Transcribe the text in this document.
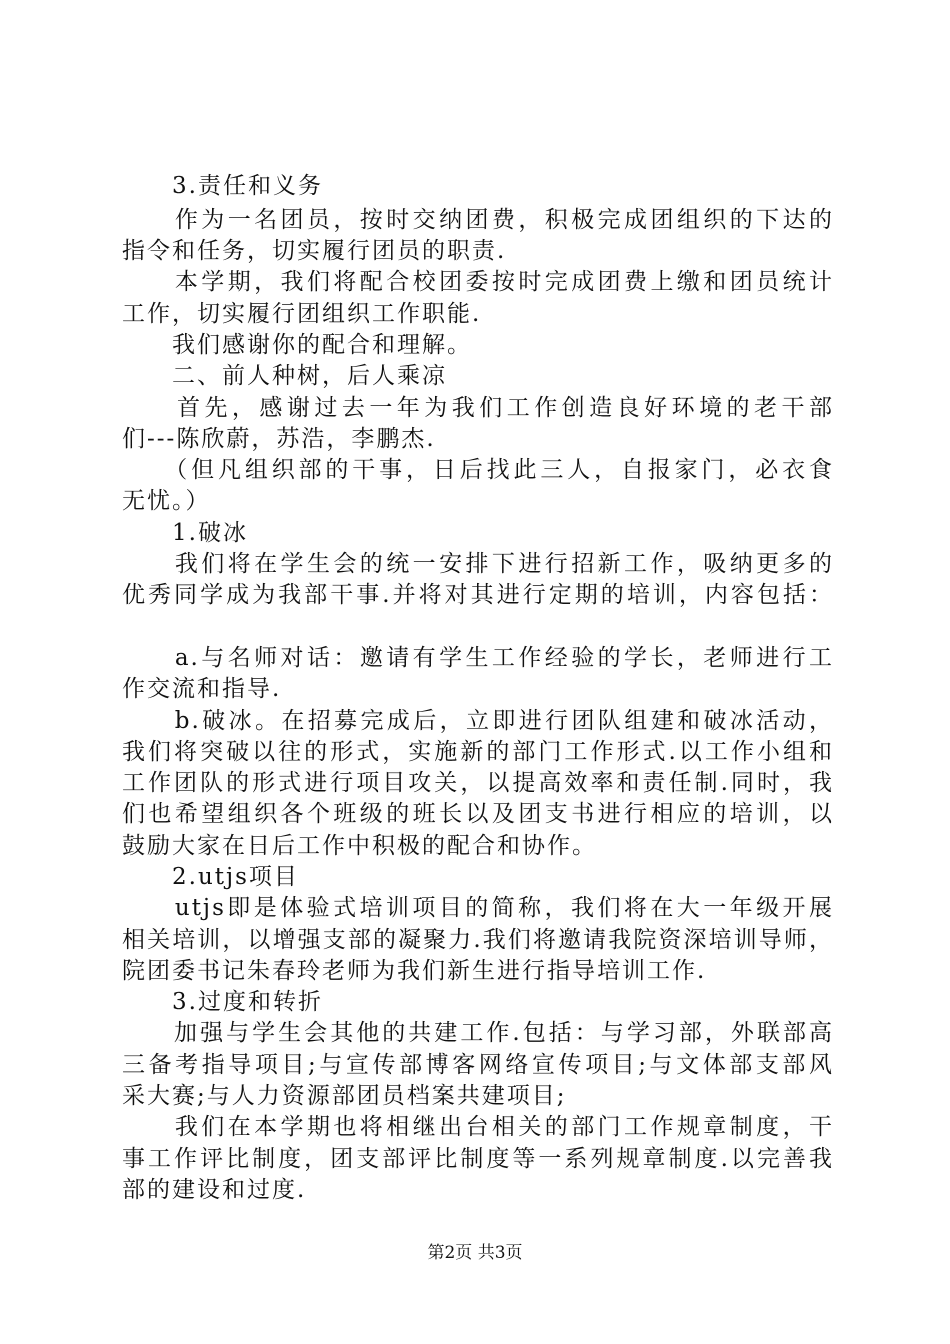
　　3.责任和义务
　　作为一名团员，按时交纳团费，积极完成团组织的下达的
指令和任务，切实履行团员的职责.
　　本学期，我们将配合校团委按时完成团费上缴和团员统计
工作，切实履行团组织工作职能.
　　我们感谢你的配合和理解。
　　二、前人种树，后人乘凉
　　首先，感谢过去一年为我们工作创造良好环境的老干部
们---陈欣蔚，苏浩，李鹏杰.
　　（但凡组织部的干事，日后找此三人，自报家门，必衣食
无忧。）
　　1.破冰
　　我们将在学生会的统一安排下进行招新工作，吸纳更多的
优秀同学成为我部干事.并将对其进行定期的培训，内容包括：
　　a.与名师对话：邀请有学生工作经验的学长，老师进行工
作交流和指导.
　　b.破冰。在招募完成后，立即进行团队组建和破冰活动，
我们将突破以往的形式，实施新的部门工作形式.以工作小组和
工作团队的形式进行项目攻关，以提高效率和责任制.同时，我
们也希望组织各个班级的班长以及团支书进行相应的培训，以
鼓励大家在日后工作中积极的配合和协作。
　　2.utjs项目
　　utjs即是体验式培训项目的简称，我们将在大一年级开展
相关培训，以增强支部的凝聚力.我们将邀请我院资深培训导师，
院团委书记朱春玲老师为我们新生进行指导培训工作.
　　3.过度和转折
　　加强与学生会其他的共建工作.包括：与学习部，外联部高
三备考指导项目;与宣传部博客网络宣传项目;与文体部支部风
采大赛;与人力资源部团员档案共建项目;
　　我们在本学期也将相继出台相关的部门工作规章制度，干
事工作评比制度，团支部评比制度等一系列规章制度.以完善我
部的建设和过度.
第2页 共3页
